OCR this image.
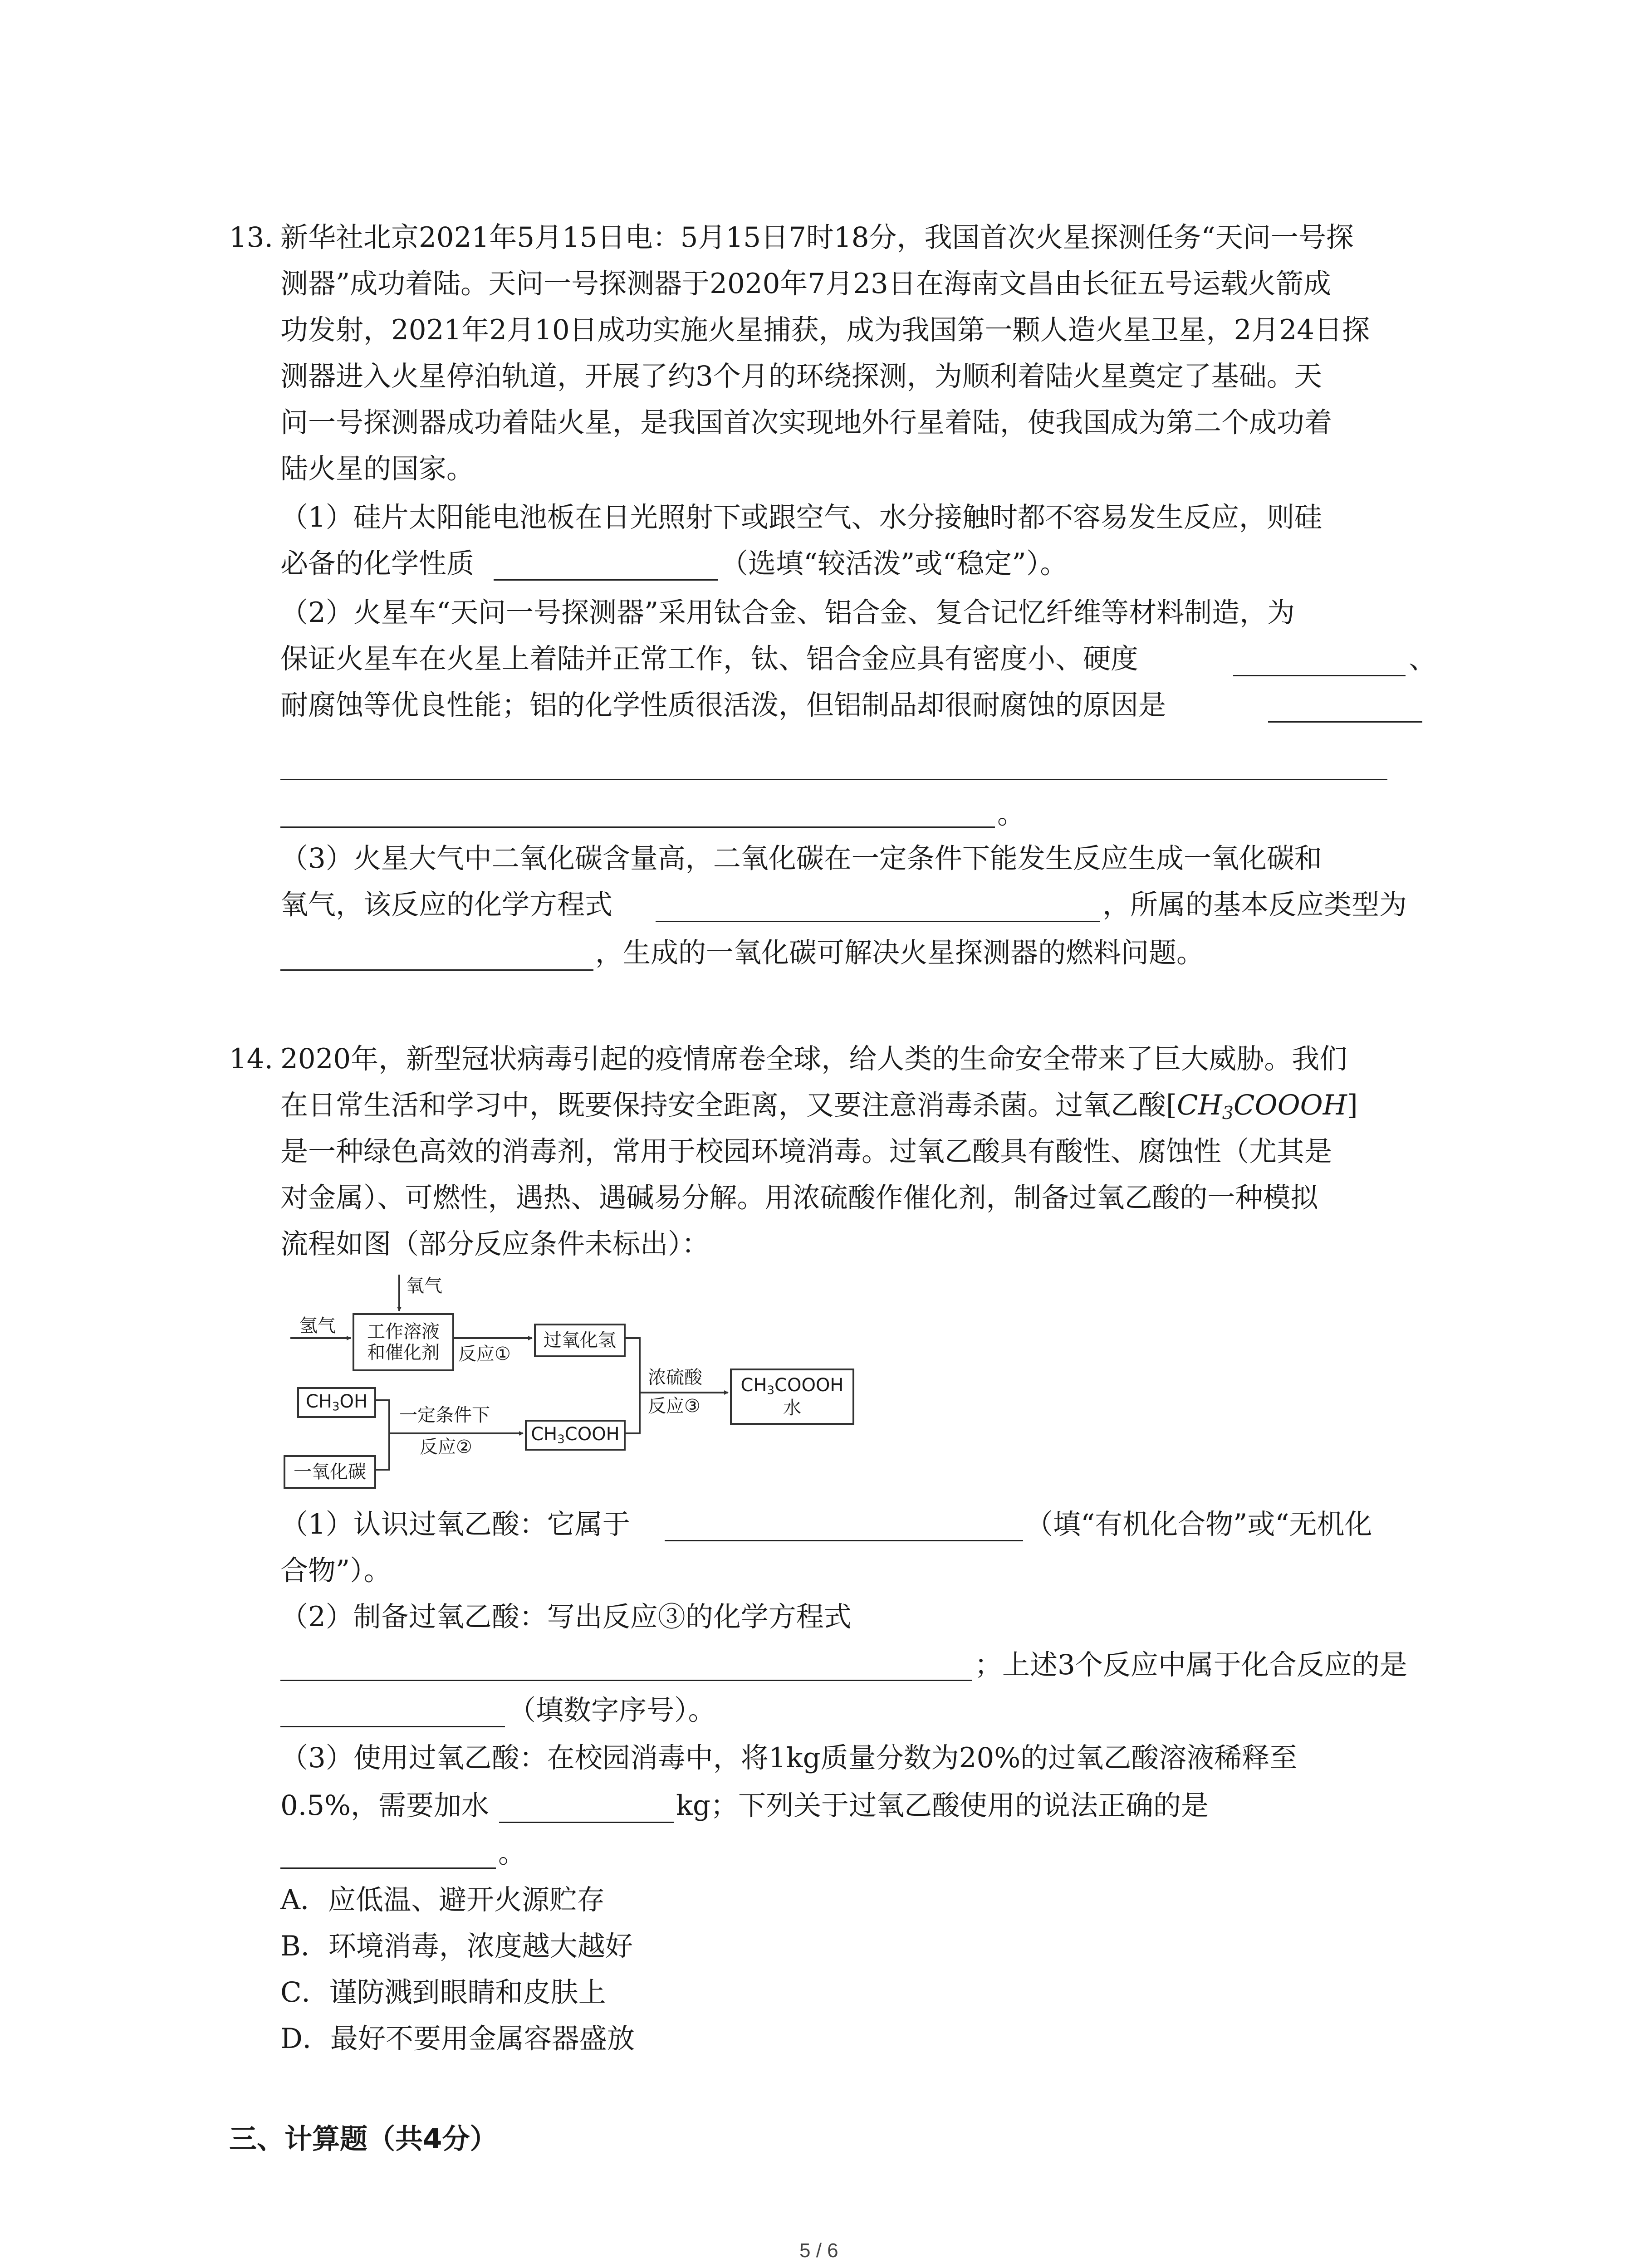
13. 新华社北京2021年5月15日电：5月15日7时18分，我国首次火星探测任务“天问一号探
测器”成功着陆。天问一号探测器于2020年7月23日在海南文昌由长征五号运载火箭成
功发射，2021年2月10日成功实施火星捕获，成为我国第一颗人造火星卫星，2月24日探
测器进入火星停泊轨道，开展了约3个月的环绕探测，为顺利着陆火星奠定了基础。天
问一号探测器成功着陆火星，是我国首次实现地外行星着陆，使我国成为第二个成功着
陆火星的国家。
（1）硅片太阳能电池板在日光照射下或跟空气、水分接触时都不容易发生反应，则硅
必备的化学性质	（选填“较活泼”或“稳定”）。
（2）火星车“天问一号探测器”采用钛合金、铝合金、复合记忆纤维等材料制造，为
保证火星车在火星上着陆并正常工作，钛、铝合金应具有密度小、硬度	、
耐腐蚀等优良性能；铝的化学性质很活泼，但铝制品却很耐腐蚀的原因是
。
（3）火星大气中二氧化碳含量高，二氧化碳在一定条件下能发生反应生成一氧化碳和
氧气，该反应的化学方程式	，所属的基本反应类型为
，生成的一氧化碳可解决火星探测器的燃料问题。
14. 2020年，新型冠状病毒引起的疫情席卷全球，给人类的生命安全带来了巨大威胁。我们
在日常生活和学习中，既要保持安全距离，又要注意消毒杀菌。过氧乙酸$[CH_3COOOH]$
是一种绿色高效的消毒剂，常用于校园环境消毒。过氧乙酸具有酸性、腐蚀性（尤其是
对金属）、可燃性，遇热、遇碱易分解。用浓硫酸作催化剂，制备过氧乙酸的一种模拟
流程如图（部分反应条件未标出）：
氧气
氢气 工作溶液
和催化剂 反应①
过氧化氢
$CH_3OH$
一定条件下
反应②
$CH_3COOH$
一氧化碳
浓硫酸
反应③
$CH_3COOOH$
水
（1）认识过氧乙酸：它属于	（填“有机化合物”或“无机化
合物”）。
（2）制备过氧乙酸：写出反应③的化学方程式
；上述3个反应中属于化合反应的是
（填数字序号）。
（3）使用过氧乙酸：在校园消毒中，将1kg质量分数为20%的过氧乙酸溶液稀释至
0.5%，需要加水	kg；下列关于过氧乙酸使用的说法正确的是
。
A．应低温、避开火源贮存
B．环境消毒，浓度越大越好
C．谨防溅到眼睛和皮肤上
D．最好不要用金属容器盛放
三、计算题（共4分）
5 / 6
